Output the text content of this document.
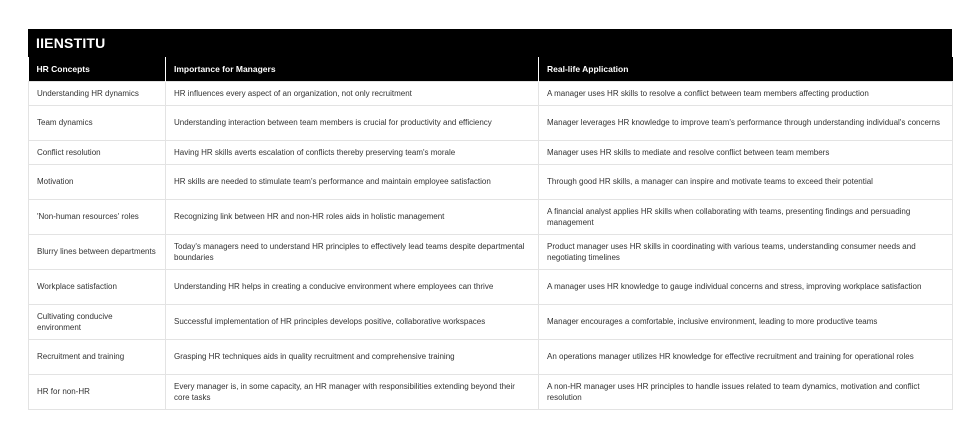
IIENSTITU
HR Concepts	Importance for Managers	Real-life Application
Understanding HR dynamics	HR influences every aspect of an organization, not only recruitment	A manager uses HR skills to resolve a conflict between team members affecting production
Team dynamics	Understanding interaction between team members is crucial for productivity and efficiency	Manager leverages HR knowledge to improve team's performance through understanding individual's concerns
Conflict resolution	Having HR skills averts escalation of conflicts thereby preserving team's morale	Manager uses HR skills to mediate and resolve conflict between team members
Motivation	HR skills are needed to stimulate team's performance and maintain employee satisfaction	Through good HR skills, a manager can inspire and motivate teams to exceed their potential
'Non-human resources' roles	Recognizing link between HR and non-HR roles aids in holistic management	A financial analyst applies HR skills when collaborating with teams, presenting findings and persuading management
Blurry lines between departments	Today's managers need to understand HR principles to effectively lead teams despite departmental boundaries	Product manager uses HR skills in coordinating with various teams, understanding consumer needs and negotiating timelines
Workplace satisfaction	Understanding HR helps in creating a conducive environment where employees can thrive	A manager uses HR knowledge to gauge individual concerns and stress, improving workplace satisfaction
Cultivating conducive environment	Successful implementation of HR principles develops positive, collaborative workspaces	Manager encourages a comfortable, inclusive environment, leading to more productive teams
Recruitment and training	Grasping HR techniques aids in quality recruitment and comprehensive training	An operations manager utilizes HR knowledge for effective recruitment and training for operational roles
HR for non-HR	Every manager is, in some capacity, an HR manager with responsibilities extending beyond their core tasks	A non-HR manager uses HR principles to handle issues related to team dynamics, motivation and conflict resolution
